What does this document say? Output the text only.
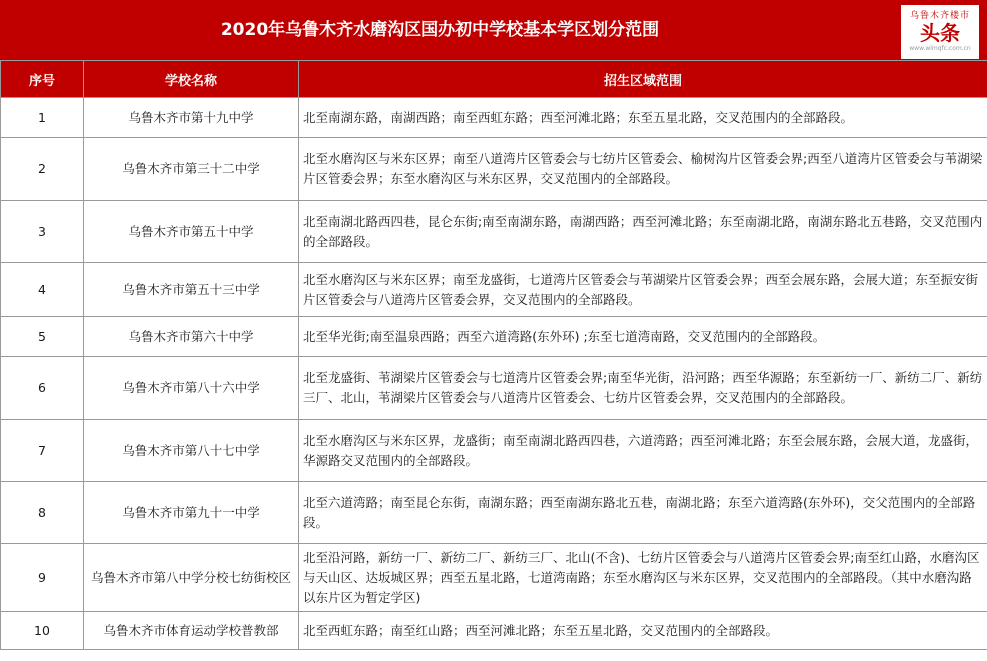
2020年乌鲁木齐水磨沟区国办初中学校基本学区划分范围
乌鲁木齐楼市
头条
www.wlmqfc.com.cn
序号	学校名称	招生区域范围
1	乌鲁木齐市第十九中学	北至南湖东路，南湖西路；南至西虹东路；西至河滩北路；东至五星北路，交叉范围内的全部路段。
2	乌鲁木齐市第三十二中学	北至水磨沟区与米东区界；南至八道湾片区管委会与七纺片区管委会、榆树沟片区管委会界;西至八道湾片区管委会与苇湖梁片区管委会界；东至水磨沟区与米东区界，交叉范围内的全部路段。
3	乌鲁木齐市第五十中学	北至南湖北路西四巷，昆仑东街;南至南湖东路，南湖西路；西至河滩北路；东至南湖北路，南湖东路北五巷路，交叉范围内的全部路段。
4	乌鲁木齐市第五十三中学	北至水磨沟区与米东区界；南至龙盛街，七道湾片区管委会与苇湖梁片区管委会界；西至会展东路，会展大道；东至振安街片区管委会与八道湾片区管委会界，交叉范围内的全部路段。
5	乌鲁木齐市第六十中学	北至华光街;南至温泉西路；西至六道湾路(东外环) ;东至七道湾南路，交叉范围内的全部路段。
6	乌鲁木齐市第八十六中学	北至龙盛街、苇湖梁片区管委会与七道湾片区管委会界;南至华光街，沿河路；西至华源路；东至新纺一厂、新纺二厂、新纺三厂、北山，苇湖梁片区管委会与八道湾片区管委会、七纺片区管委会界，交叉范围内的全部路段。
7	乌鲁木齐市第八十七中学	北至水磨沟区与米东区界，龙盛街；南至南湖北路西四巷，六道湾路；西至河滩北路；东至会展东路，会展大道，龙盛街，华源路交叉范围内的全部路段。
8	乌鲁木齐市第九十一中学	北至六道湾路；南至昆仑东街，南湖东路；西至南湖东路北五巷，南湖北路；东至六道湾路(东外环)，交父范围内的全部路段。
9	乌鲁木齐市第八中学分校七纺街校区	北至沿河路，新纺一厂、新纺二厂、新纺三厂、北山(不含)、七纺片区管委会与八道湾片区管委会界;南至红山路，水磨沟区与天山区、达坂城区界；西至五星北路，七道湾南路；东至水磨沟区与米东区界，交叉范围内的全部路段。（其中水磨沟路以东片区为暂定学区)
10	乌鲁木齐市体育运动学校普教部	北至西虹东路；南至红山路；西至河滩北路；东至五星北路，交叉范围内的全部路段。
